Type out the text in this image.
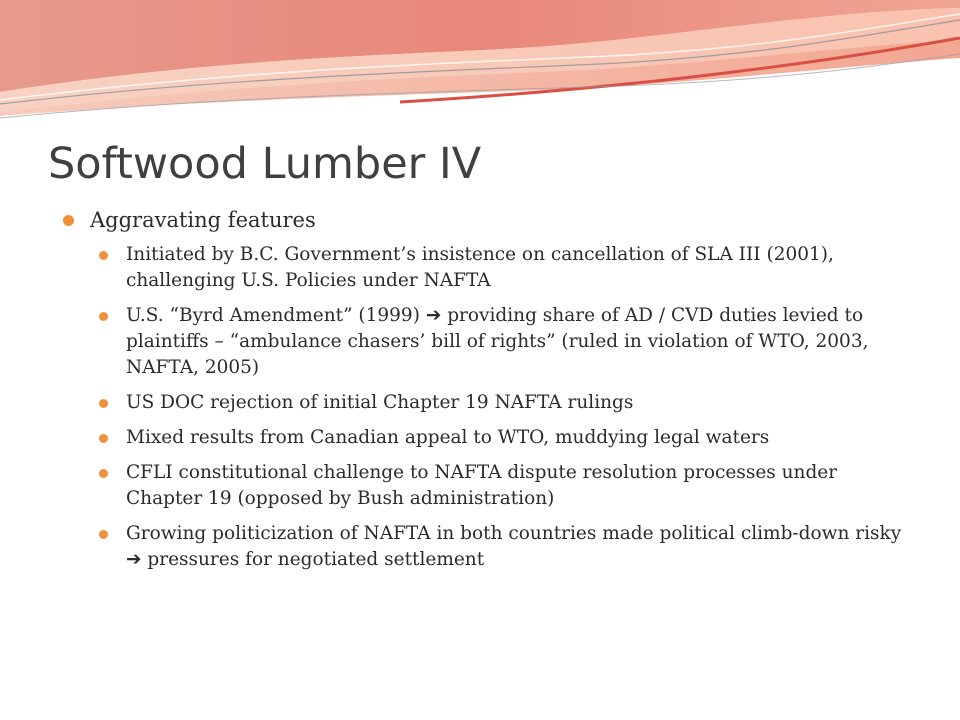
Softwood Lumber IV
Aggravating features
Initiated by B.C. Government’s insistence on cancellation of SLA III (2001), challenging U.S. Policies under NAFTA
U.S. “Byrd Amendment” (1999) ➔ providing share of AD / CVD duties levied to plaintiffs – “ambulance chasers’ bill of rights” (ruled in violation of WTO, 2003, NAFTA, 2005)
US DOC rejection of initial Chapter 19 NAFTA rulings
Mixed results from Canadian appeal to WTO, muddying legal waters
CFLI constitutional challenge to NAFTA dispute resolution processes under Chapter 19 (opposed by Bush administration)
Growing politicization of NAFTA in both countries made political climb-down risky ➔ pressures for negotiated settlement
